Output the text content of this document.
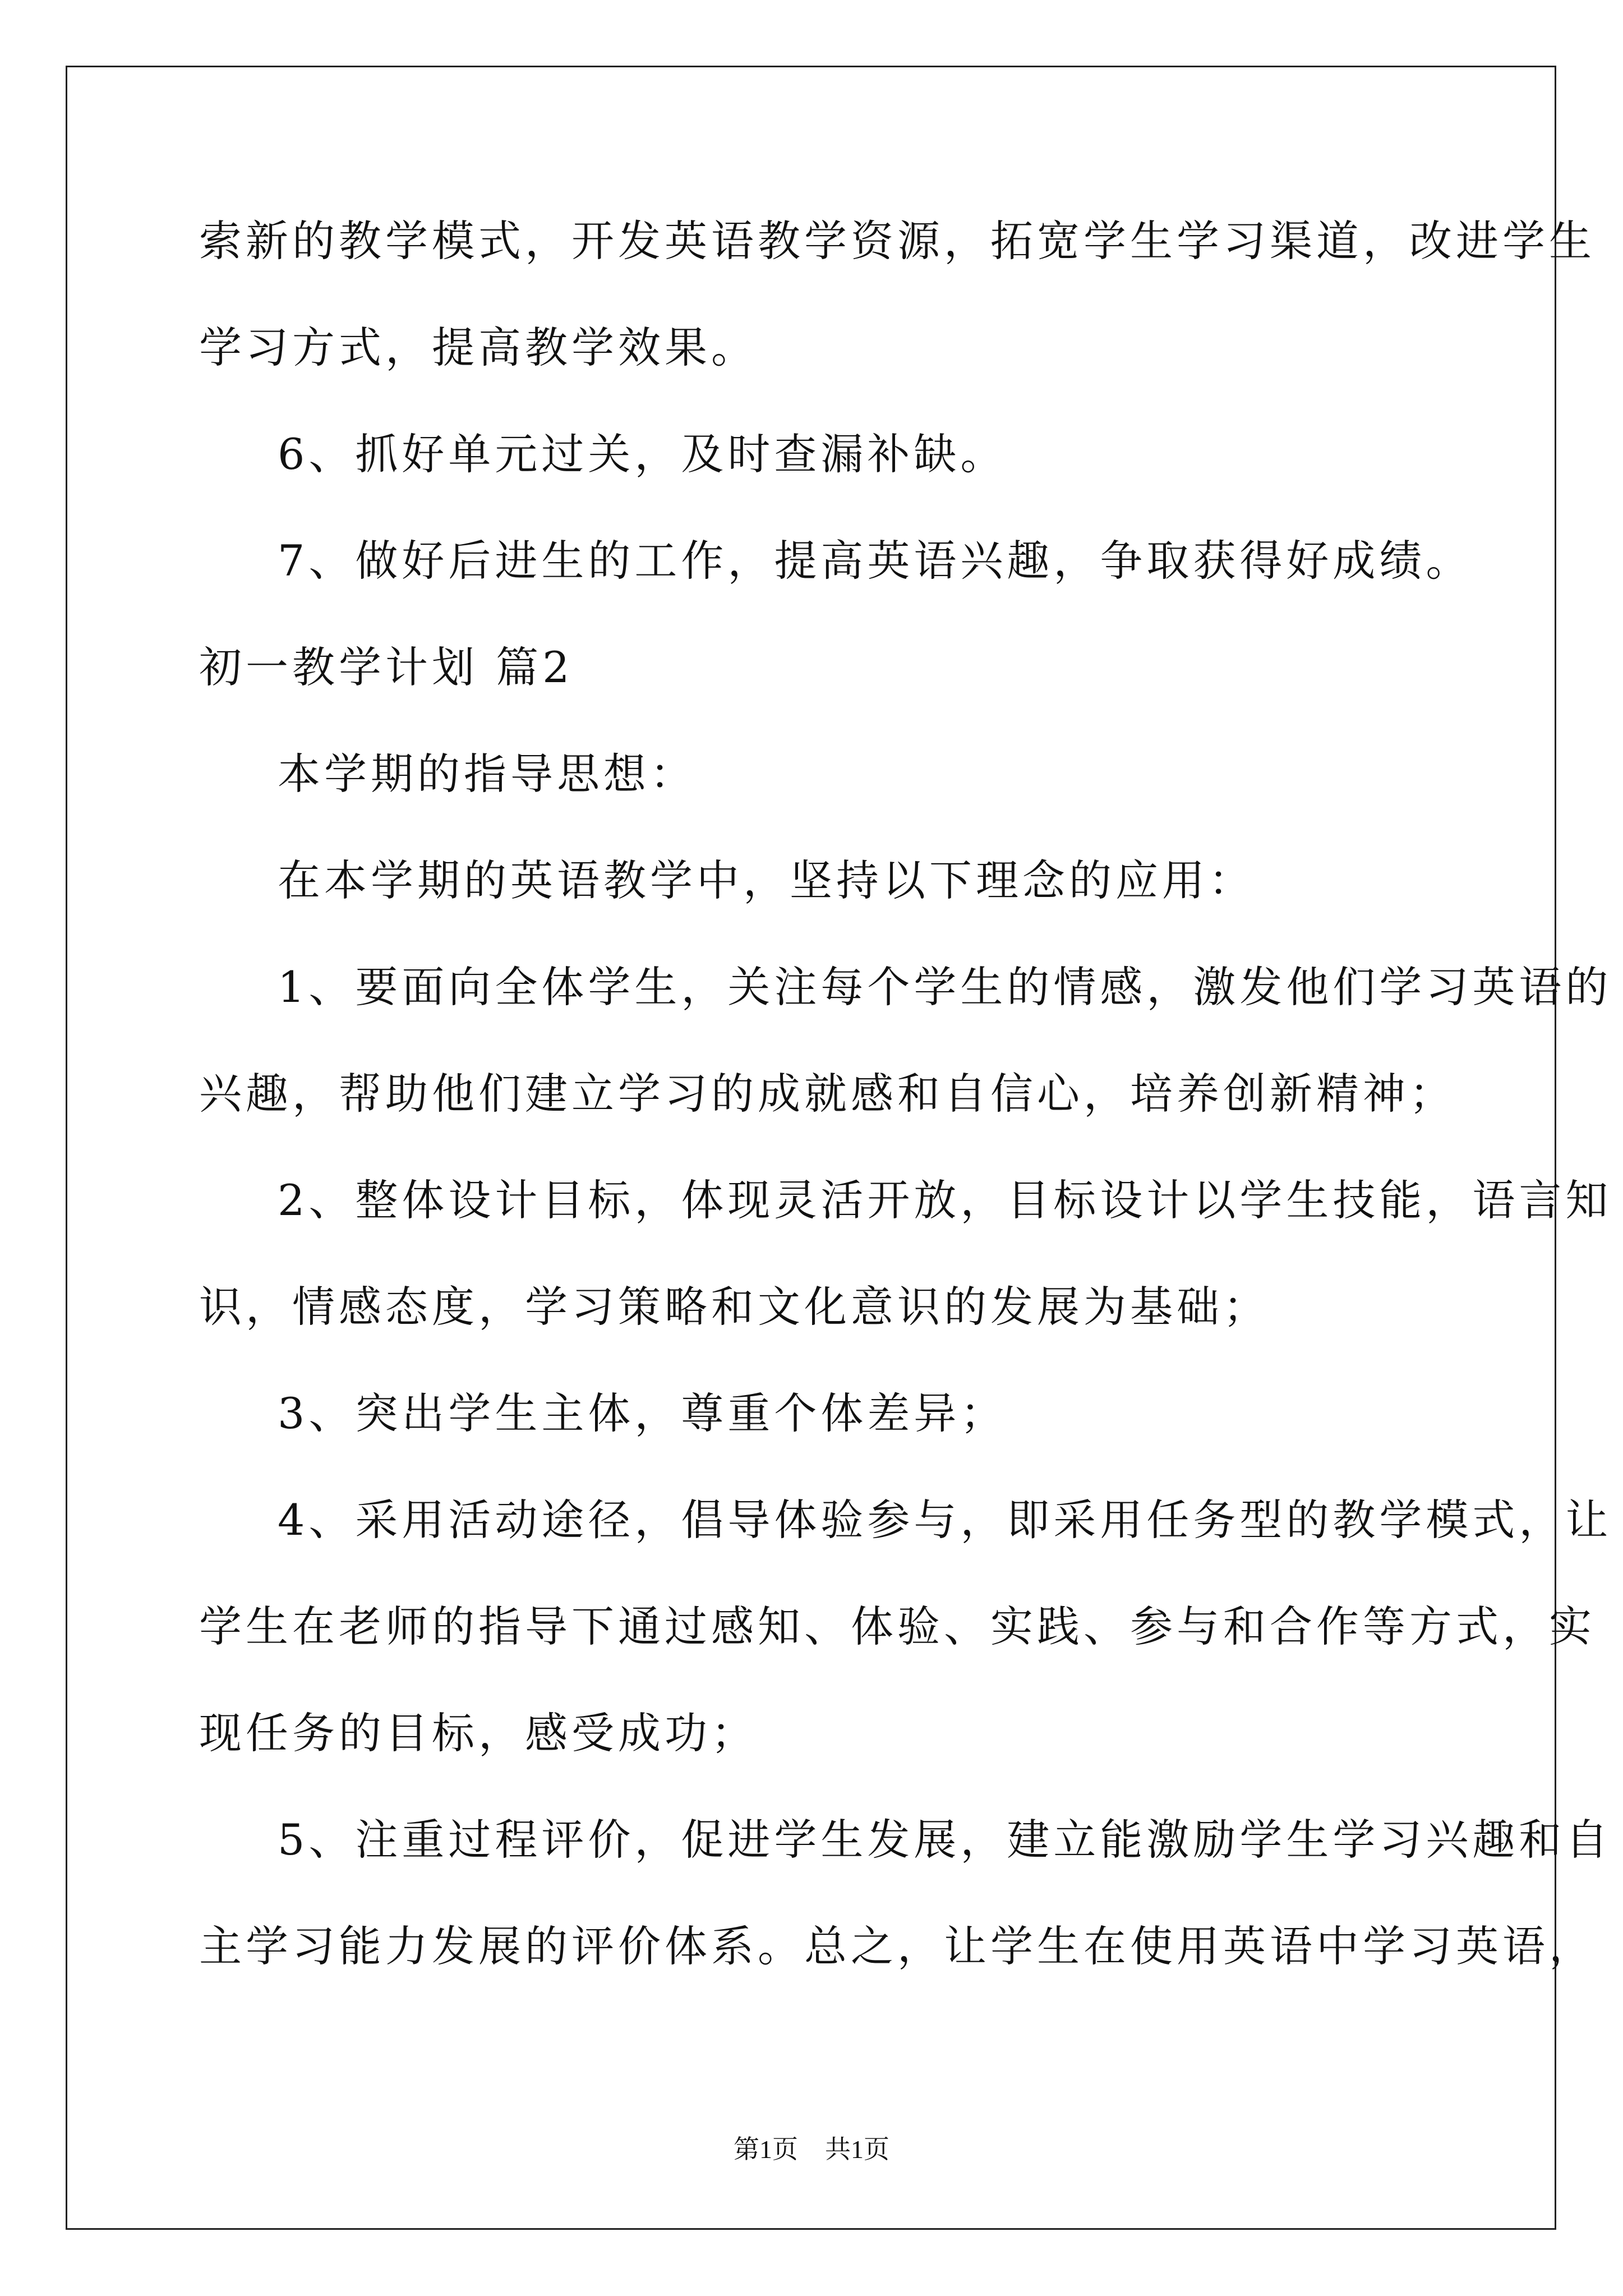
索新的教学模式，开发英语教学资源，拓宽学生学习渠道，改进学生
学习方式，提高教学效果。
6、抓好单元过关，及时查漏补缺。
7、做好后进生的工作，提高英语兴趣，争取获得好成绩。
初一教学计划 篇2
本学期的指导思想：
在本学期的英语教学中，坚持以下理念的应用：
1、要面向全体学生，关注每个学生的情感，激发他们学习英语的
兴趣，帮助他们建立学习的成就感和自信心，培养创新精神；
2、整体设计目标，体现灵活开放，目标设计以学生技能，语言知
识，情感态度，学习策略和文化意识的发展为基础；
3、突出学生主体，尊重个体差异；
4、采用活动途径，倡导体验参与，即采用任务型的教学模式，让
学生在老师的指导下通过感知、体验、实践、参与和合作等方式，实
现任务的目标，感受成功；
5、注重过程评价，促进学生发展，建立能激励学生学习兴趣和自
主学习能力发展的评价体系。总之，让学生在使用英语中学习英语，
第1页 共1页
